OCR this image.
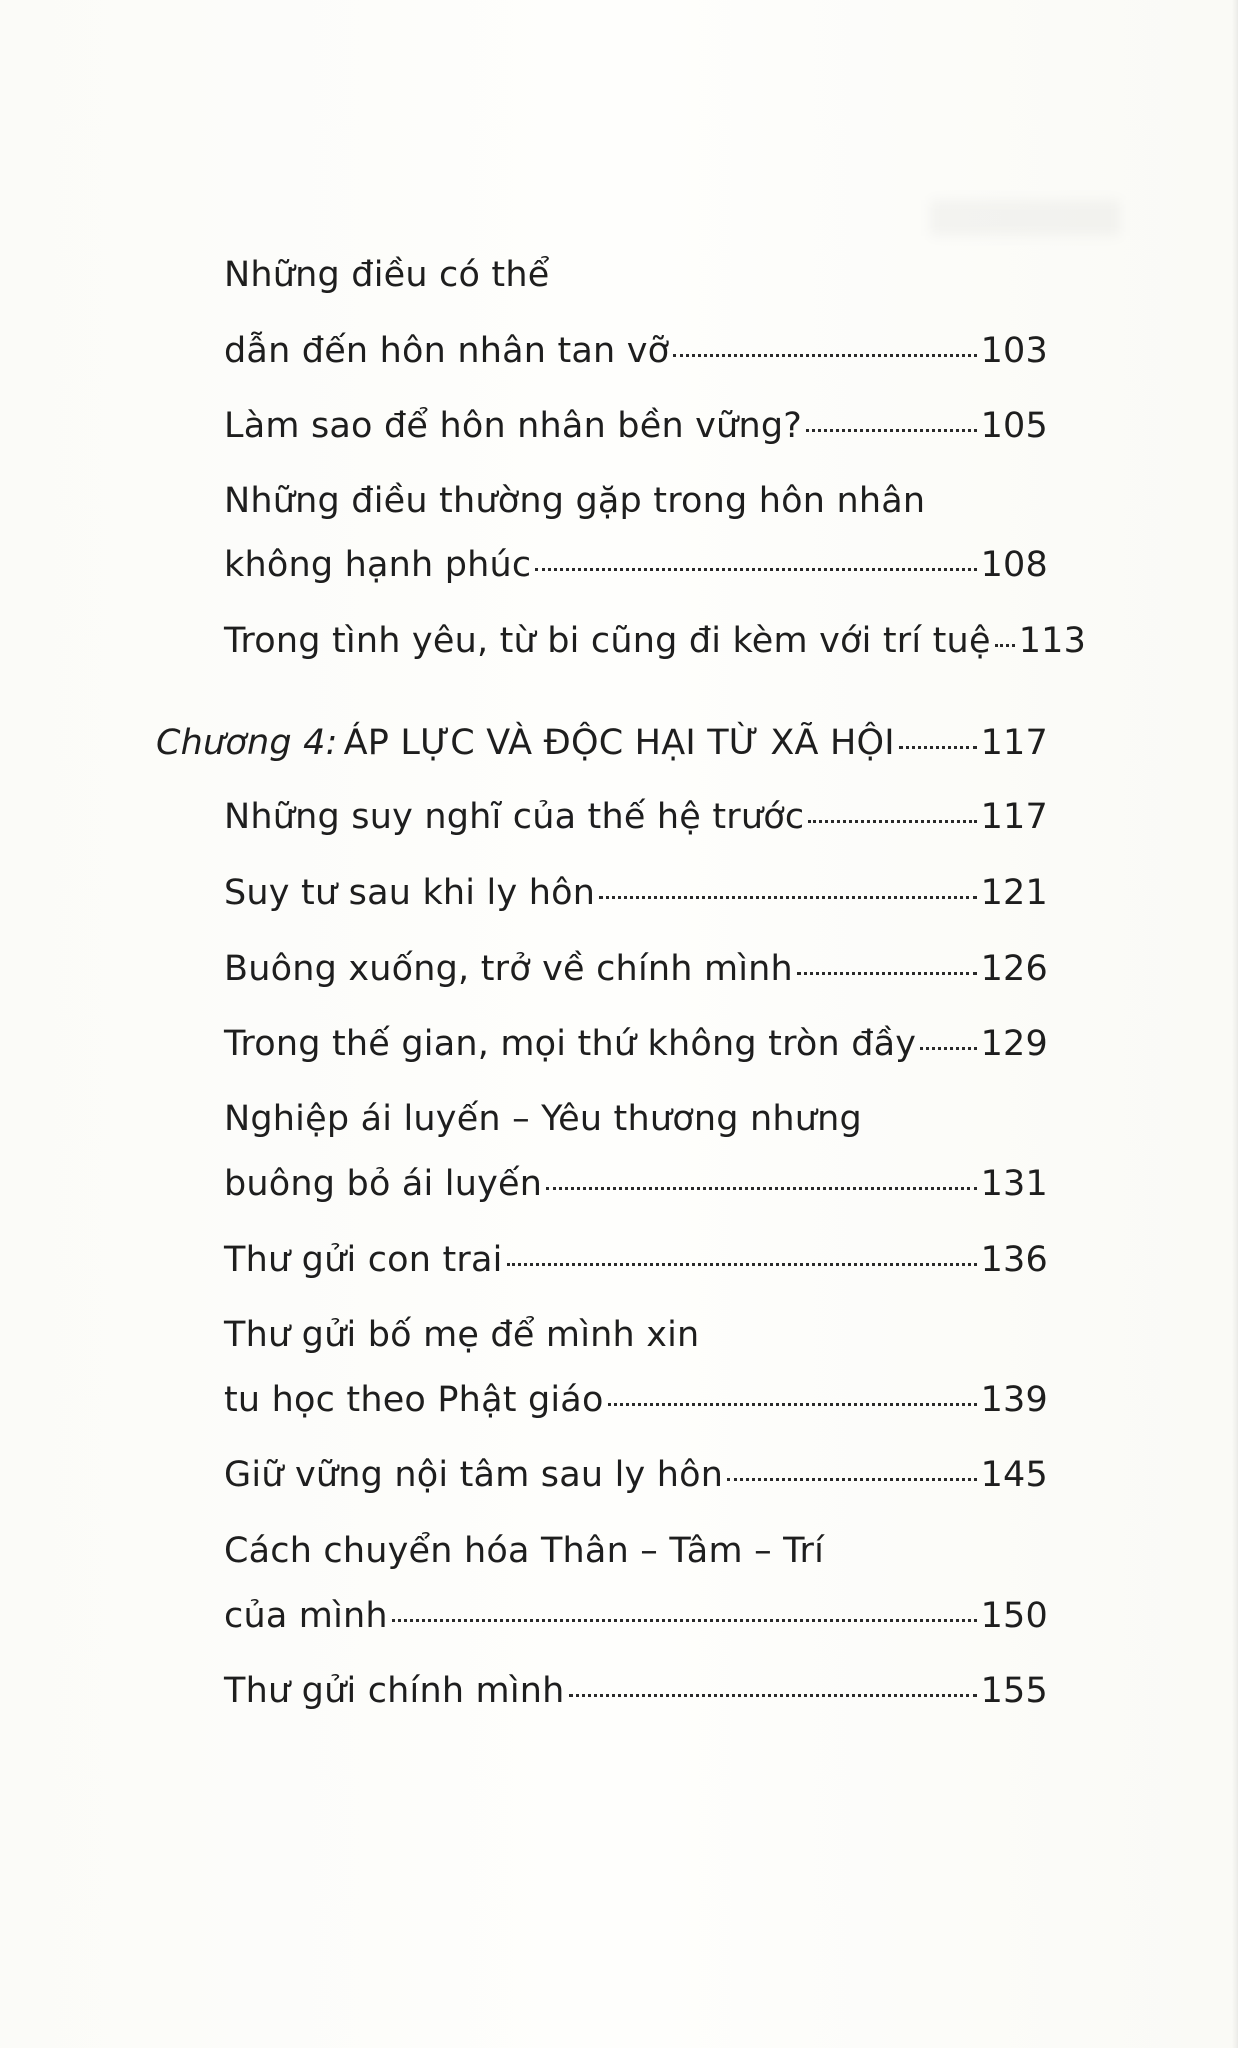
Những điều có thể
dẫn đến hôn nhân tan vỡ	103
Làm sao để hôn nhân bền vững?	105
Những điều thường gặp trong hôn nhân
không hạnh phúc	108
Trong tình yêu, từ bi cũng đi kèm với trí tuệ 113
Chương 4: ÁP LỰC VÀ ĐỘC HẠI TỪ XÃ HỘI 117
Những suy nghĩ của thế hệ trước	117
Suy tư sau khi ly hôn	121
Buông xuống, trở về chính mình	126
Trong thế gian, mọi thứ không tròn đầy 129
Nghiệp ái luyến – Yêu thương nhưng
buông bỏ ái luyến	131
Thư gửi con trai	136
Thư gửi bố mẹ để mình xin
tu học theo Phật giáo	139
Giữ vững nội tâm sau ly hôn	145
Cách chuyển hóa Thân – Tâm – Trí
của mình	150
Thư gửi chính mình	155
